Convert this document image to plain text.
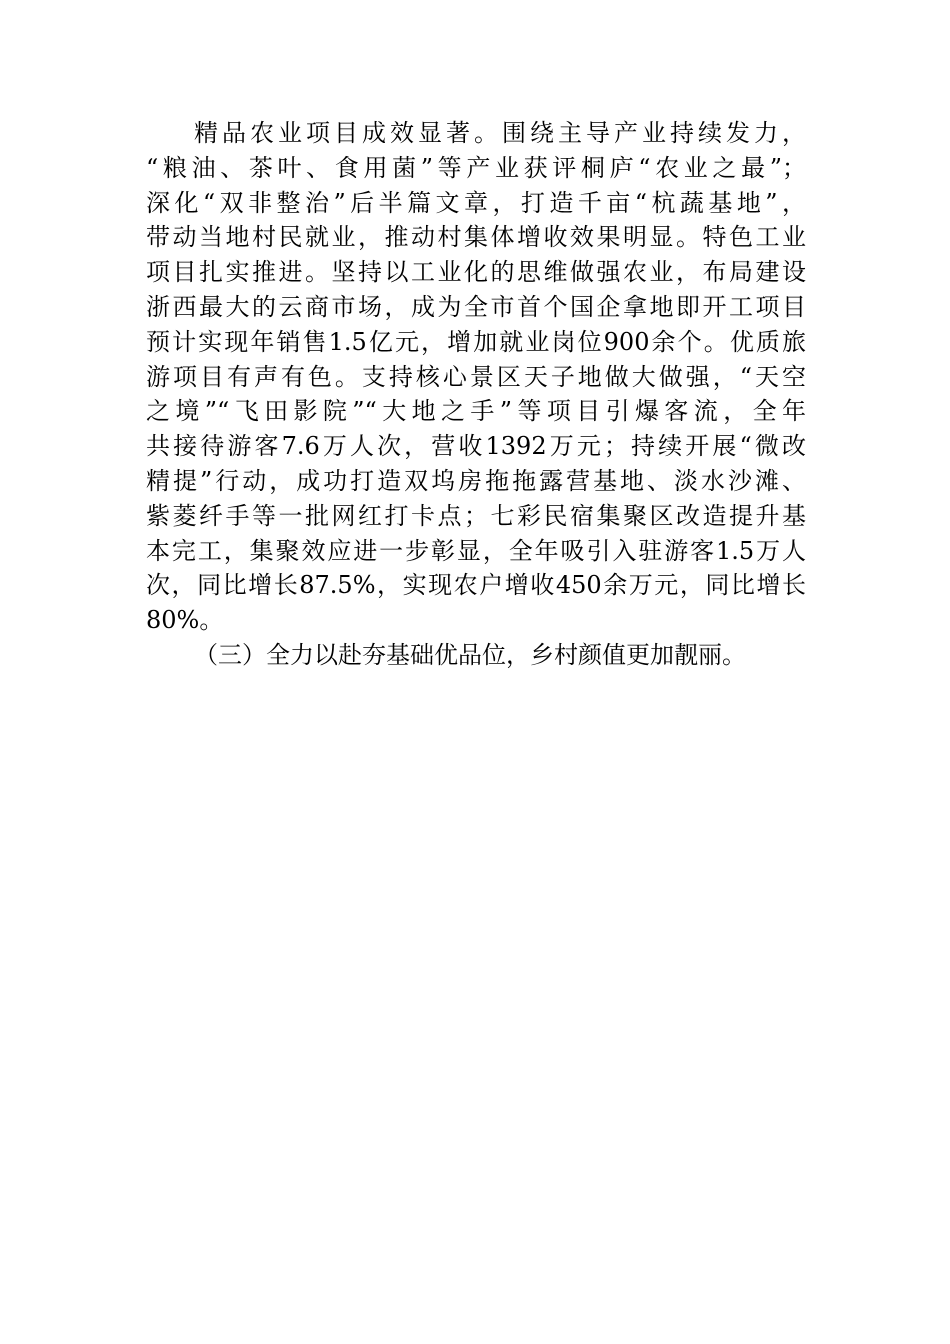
精品农业项目成效显著。围绕主导产业持续发力，
“粮油、茶叶、食用菌”等产业获评桐庐“农业之最”；
深化“双非整治”后半篇文章，打造千亩“杭蔬基地”，
带动当地村民就业，推动村集体增收效果明显。特色工业
项目扎实推进。坚持以工业化的思维做强农业，布局建设
浙西最大的云商市场，成为全市首个国企拿地即开工项目
预计实现年销售1.5亿元，增加就业岗位900余个。优质旅
游项目有声有色。支持核心景区天子地做大做强，“天空
之境”“飞田影院”“大地之手”等项目引爆客流，全年
共接待游客7.6万人次，营收1392万元；持续开展“微改
精提”行动，成功打造双坞房拖拖露营基地、淡水沙滩、
紫菱纤手等一批网红打卡点；七彩民宿集聚区改造提升基
本完工，集聚效应进一步彰显，全年吸引入驻游客1.5万人
次，同比增长87.5%，实现农户增收450余万元，同比增长
80%。
（三）全力以赴夯基础优品位，乡村颜值更加靓丽。
